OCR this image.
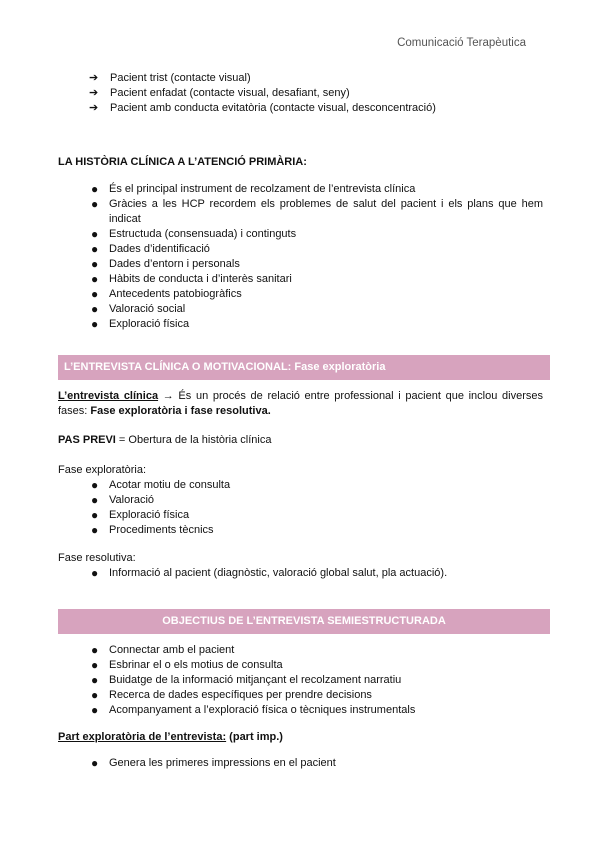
Comunicació Terapèutica
➔ Pacient trist (contacte visual)
➔ Pacient enfadat (contacte visual, desafiant, seny)
➔ Pacient amb conducta evitatòria (contacte visual, desconcentració)
LA HISTÒRIA CLÍNICA A L’ATENCIÓ PRIMÀRIA:
● És el principal instrument de recolzament de l’entrevista clínica
● Gràcies a les HCP recordem els problemes de salut del pacient i els plans que hem indicat
● Estructuda (consensuada) i continguts
● Dades d’identificació
● Dades d’entorn i personals
● Hàbits de conducta i d’interès sanitari
● Antecedents patobiogràfics
● Valoració social
● Exploració física
L’ENTREVISTA CLÍNICA O MOTIVACIONAL: Fase exploratòria
L’entrevista clínica → És un procés de relació entre professional i pacient que inclou diverses fases: Fase exploratòria i fase resolutiva.
PAS PREVI = Obertura de la història clínica
Fase exploratòria:
● Acotar motiu de consulta
● Valoració
● Exploració física
● Procediments tècnics
Fase resolutiva:
● Informació al pacient (diagnòstic, valoració global salut, pla actuació).
OBJECTIUS DE L’ENTREVISTA SEMIESTRUCTURADA
● Connectar amb el pacient
● Esbrinar el o els motius de consulta
● Buidatge de la informació mitjançant el recolzament narratiu
● Recerca de dades específiques per prendre decisions
● Acompanyament a l’exploració física o tècniques instrumentals
Part exploratòria de l’entrevista: (part imp.)
● Genera les primeres impressions en el pacient
